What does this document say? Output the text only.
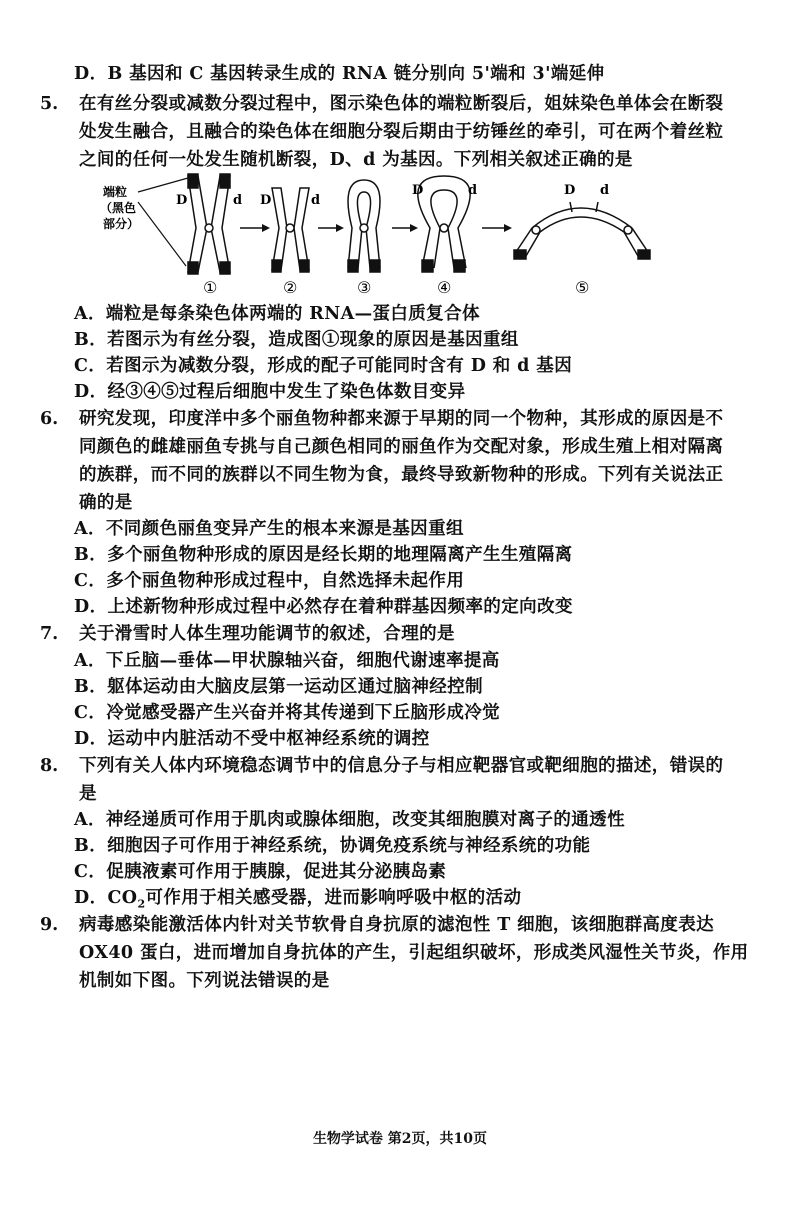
D．B 基因和 C 基因转录生成的 RNA 链分别向 5'端和 3'端延伸
5. 在有丝分裂或减数分裂过程中，图示染色体的端粒断裂后，姐妹染色单体会在断裂
处发生融合，且融合的染色体在细胞分裂后期由于纺锤丝的牵引，可在两个着丝粒
之间的任何一处发生随机断裂，D、d 为基因。下列相关叙述正确的是
端粒
（黑色
部分）
D	d D	d
D	d	D d
①	②	③	④	⑤
A．端粒是每条染色体两端的 RNA—蛋白质复合体
B．若图示为有丝分裂，造成图①现象的原因是基因重组
C．若图示为减数分裂，形成的配子可能同时含有 D 和 d 基因
D．经③④⑤过程后细胞中发生了染色体数目变异
6. 研究发现，印度洋中多个丽鱼物种都来源于早期的同一个物种，其形成的原因是不
同颜色的雌雄丽鱼专挑与自己颜色相同的丽鱼作为交配对象，形成生殖上相对隔离
的族群，而不同的族群以不同生物为食，最终导致新物种的形成。下列有关说法正
确的是
A．不同颜色丽鱼变异产生的根本来源是基因重组
B．多个丽鱼物种形成的原因是经长期的地理隔离产生生殖隔离
C．多个丽鱼物种形成过程中，自然选择未起作用
D．上述新物种形成过程中必然存在着种群基因频率的定向改变
7. 关于滑雪时人体生理功能调节的叙述，合理的是
A．下丘脑—垂体—甲状腺轴兴奋，细胞代谢速率提高
B．躯体运动由大脑皮层第一运动区通过脑神经控制
C．冷觉感受器产生兴奋并将其传递到下丘脑形成冷觉
D．运动中内脏活动不受中枢神经系统的调控
8. 下列有关人体内环境稳态调节中的信息分子与相应靶器官或靶细胞的描述，错误的
是
A．神经递质可作用于肌肉或腺体细胞，改变其细胞膜对离子的通透性
B．细胞因子可作用于神经系统，协调免疫系统与神经系统的功能
C．促胰液素可作用于胰腺，促进其分泌胰岛素
D．$CO_2$可作用于相关感受器，进而影响呼吸中枢的活动
9. 病毒感染能激活体内针对关节软骨自身抗原的滤泡性 T 细胞，该细胞群高度表达
OX40 蛋白，进而增加自身抗体的产生，引起组织破坏，形成类风湿性关节炎，作用
机制如下图。下列说法错误的是
生物学试卷 第2页，共10页
